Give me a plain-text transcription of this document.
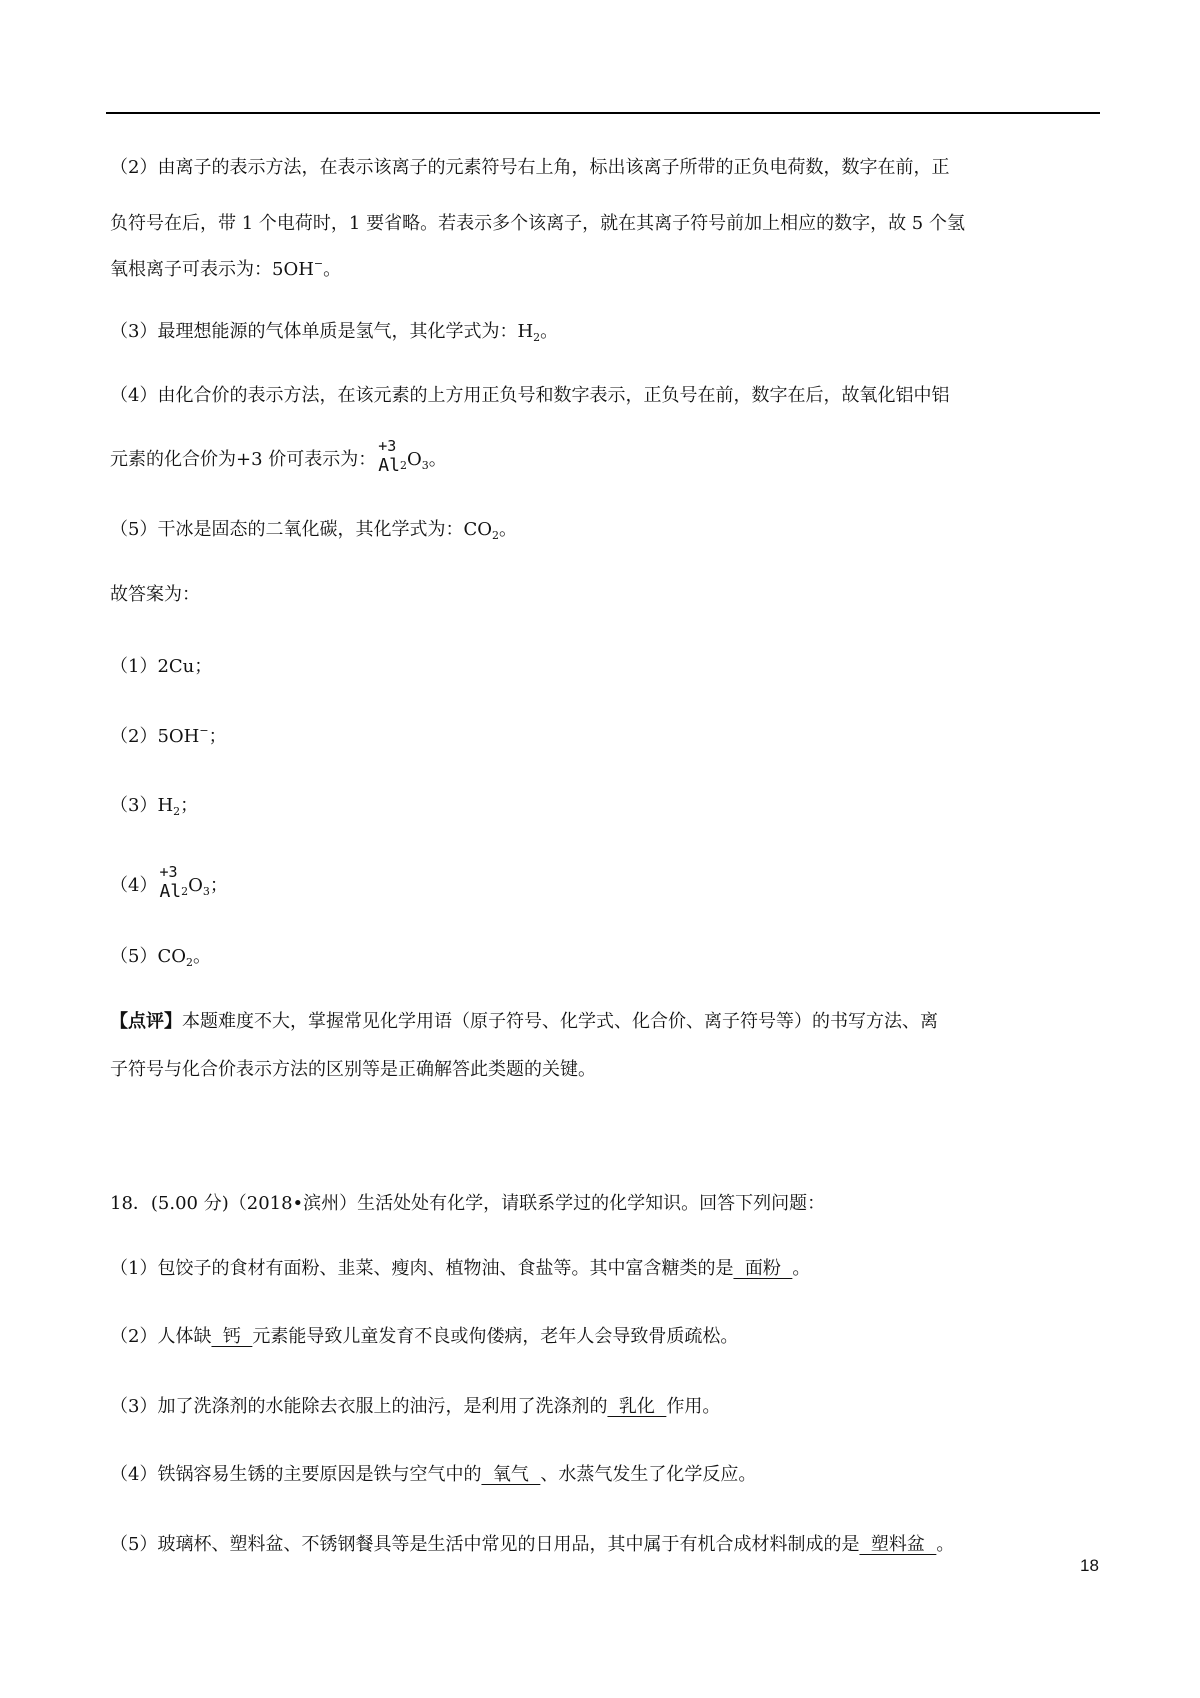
（2）由离子的表示方法，在表示该离子的元素符号右上角，标出该离子所带的正负电荷数，数字在前，正
负符号在后，带 1 个电荷时，1 要省略。若表示多个该离子，就在其离子符号前加上相应的数字，故 5 个氢
氧根离子可表示为：5OH−。
（3）最理想能源的气体单质是氢气，其化学式为：$H_2$。
（4）由化合价的表示方法，在该元素的上方用正负号和数字表示，正负号在前，数字在后，故氧化铝中铝
元素的化合价为+3 价可表示为：
+3
$Al_2O_3$。
（5）干冰是固态的二氧化碳，其化学式为：$CO_2$。
故答案为：
（1）2Cu；
（2）5OH−；
$(3)H_2$；
（4）
+3
$Al_2O_3$；
$(5)CO_2$。
【点评】本题难度不大，掌握常见化学用语（原子符号、化学式、化合价、离子符号等）的书写方法、离
子符号与化合价表示方法的区别等是正确解答此类题的关键。
18．(5.00 分)（2018•滨州）生活处处有化学，请联系学过的化学知识。回答下列问题：
（1）包饺子的食材有面粉、韭菜、瘦肉、植物油、食盐等。其中富含糖类的是  面粉  。
（2）人体缺  钙  元素能导致儿童发育不良或佝偻病，老年人会导致骨质疏松。
（3）加了洗涤剂的水能除去衣服上的油污，是利用了洗涤剂的  乳化  作用。
（4）铁锅容易生锈的主要原因是铁与空气中的  氧气  、水蒸气发生了化学反应。
（5）玻璃杯、塑料盆、不锈钢餐具等是生活中常见的日用品，其中属于有机合成材料制成的是  塑料盆  。
18
